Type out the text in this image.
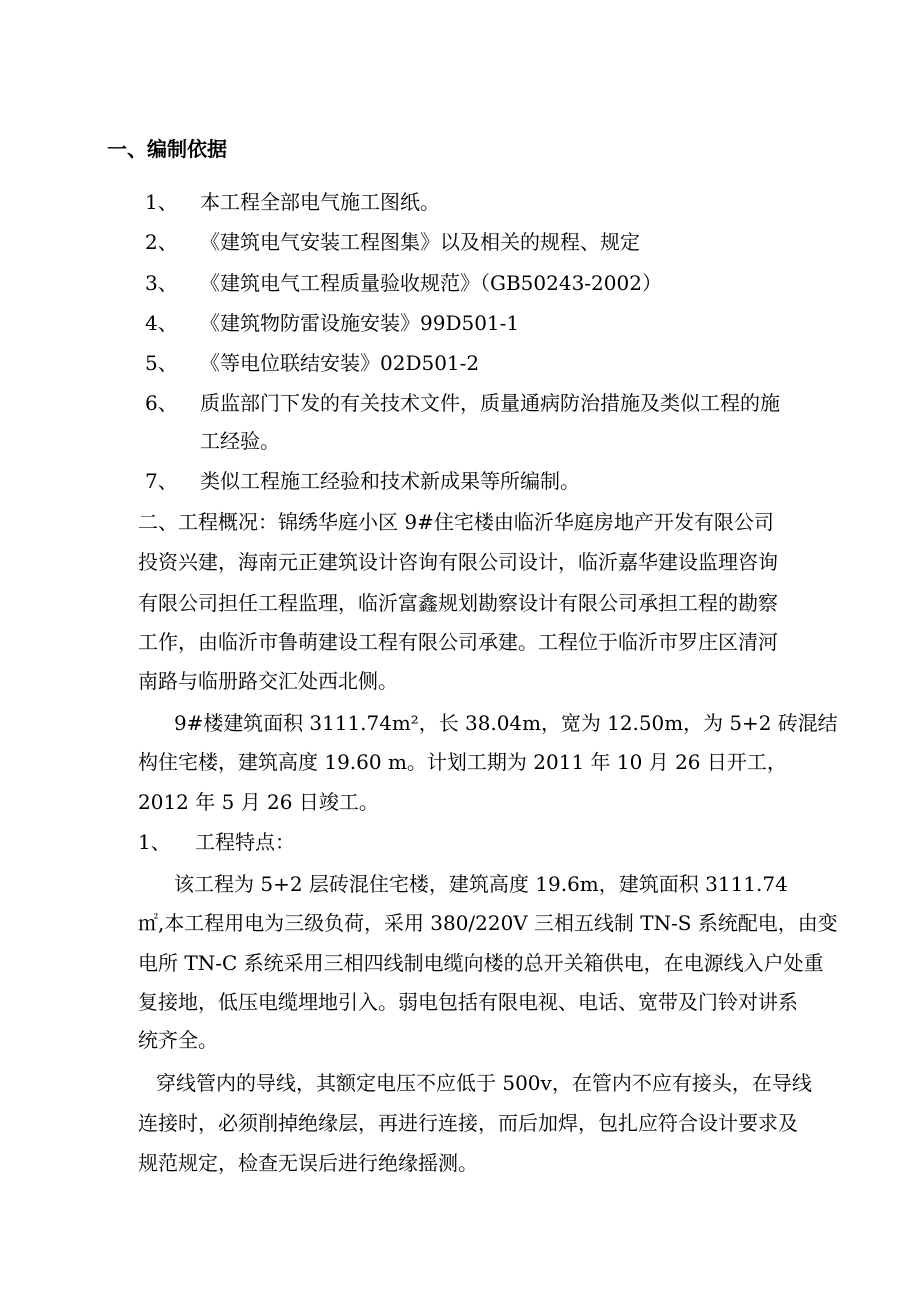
一、编制依据
1、 本工程全部电气施工图纸。
2、 《建筑电气安装工程图集》以及相关的规程、规定
3、 《建筑电气工程质量验收规范》（GB50243-2002）
4、 《建筑物防雷设施安装》99D501-1
5、 《等电位联结安装》02D501-2
6、 质监部门下发的有关技术文件，质量通病防治措施及类似工程的施
工经验。
7、 类似工程施工经验和技术新成果等所编制。
二、工程概况：锦绣华庭小区 9#住宅楼由临沂华庭房地产开发有限公司
投资兴建，海南元正建筑设计咨询有限公司设计，临沂嘉华建设监理咨询
有限公司担任工程监理，临沂富鑫规划勘察设计有限公司承担工程的勘察
工作，由临沂市鲁萌建设工程有限公司承建。工程位于临沂市罗庄区清河
南路与临册路交汇处西北侧。
9#楼建筑面积 3111.74m²，长 38.04m，宽为 12.50m，为 5+2 砖混结
构住宅楼，建筑高度 19.60 m。计划工期为 2011 年 10 月 26 日开工，
2012 年 5 月 26 日竣工。
1、 工程特点：
该工程为 5+2 层砖混住宅楼，建筑高度 19.6m，建筑面积 3111.74
㎡,本工程用电为三级负荷，采用 380/220V 三相五线制 TN-S 系统配电，由变
电所 TN-C 系统采用三相四线制电缆向楼的总开关箱供电，在电源线入户处重
复接地，低压电缆埋地引入。弱电包括有限电视、电话、宽带及门铃对讲系
统齐全。
穿线管内的导线，其额定电压不应低于 500v，在管内不应有接头，在导线
连接时，必须削掉绝缘层，再进行连接，而后加焊，包扎应符合设计要求及
规范规定，检查无误后进行绝缘摇测。
